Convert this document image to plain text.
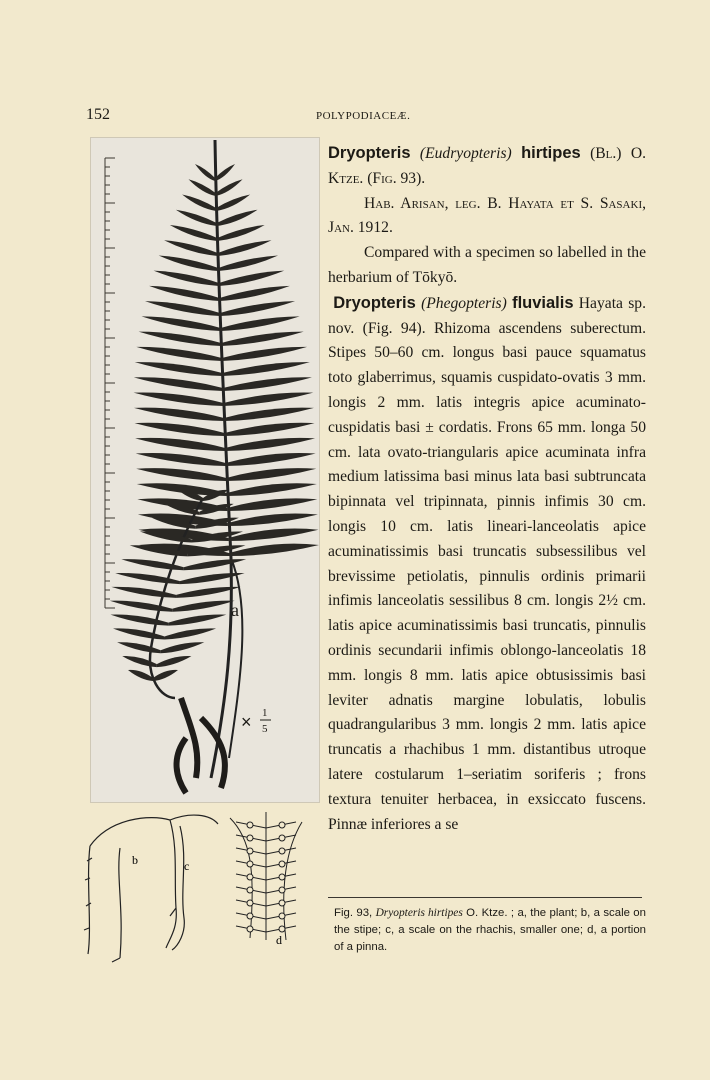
152	POLYPODIACEÆ.
a
× 1
5
b	c
d

Dryopteris (Eudryopteris) hirtipes (Bl.) O. Ktze. (Fig. 93).

Hab. Arisan, leg. B. Hayata et S. Sasaki, Jan. 1912.

Compared with a specimen so labelled in the herbarium of Tōkyō.

Dryopteris (Phegopteris) fluvialis Hayata sp. nov. (Fig. 94). Rhizoma ascendens suberectum. Stipes 50–60 cm. longus basi pauce squamatus toto glaberrimus, squamis cuspidato-ovatis 3 mm. longis 2 mm. latis integris apice acuminato-cuspidatis basi ± cordatis. Frons 65 mm. longa 50 cm. lata ovato-triangularis apice acuminata infra medium latissima basi minus lata basi subtruncata bipinnata vel tripinnata, pinnis infimis 30 cm. longis 10 cm. latis lineari-lanceolatis apice acuminatissimis basi truncatis subsessilibus vel brevissime petiolatis, pinnulis ordinis primarii infimis lanceolatis sessilibus 8 cm. longis 2½ cm. latis apice acuminatissimis basi truncatis, pinnulis ordinis secundarii infimis oblongo-lanceolatis 18 mm. longis 8 mm. latis apice obtusissimis basi leviter adnatis margine lobulatis, lobulis quadrangularibus 3 mm. longis 2 mm. latis apice truncatis a rhachibus 1 mm. distantibus utroque latere costularum 1–seriatim soriferis ; frons textura tenuiter herbacea, in exsiccato fuscens. Pinnæ inferiores a se

Fig. 93, Dryopteris hirtipes O. Ktze. ; a, the plant; b, a scale on the stipe; c, a scale on the rhachis, smaller one; d, a portion of a pinna.
